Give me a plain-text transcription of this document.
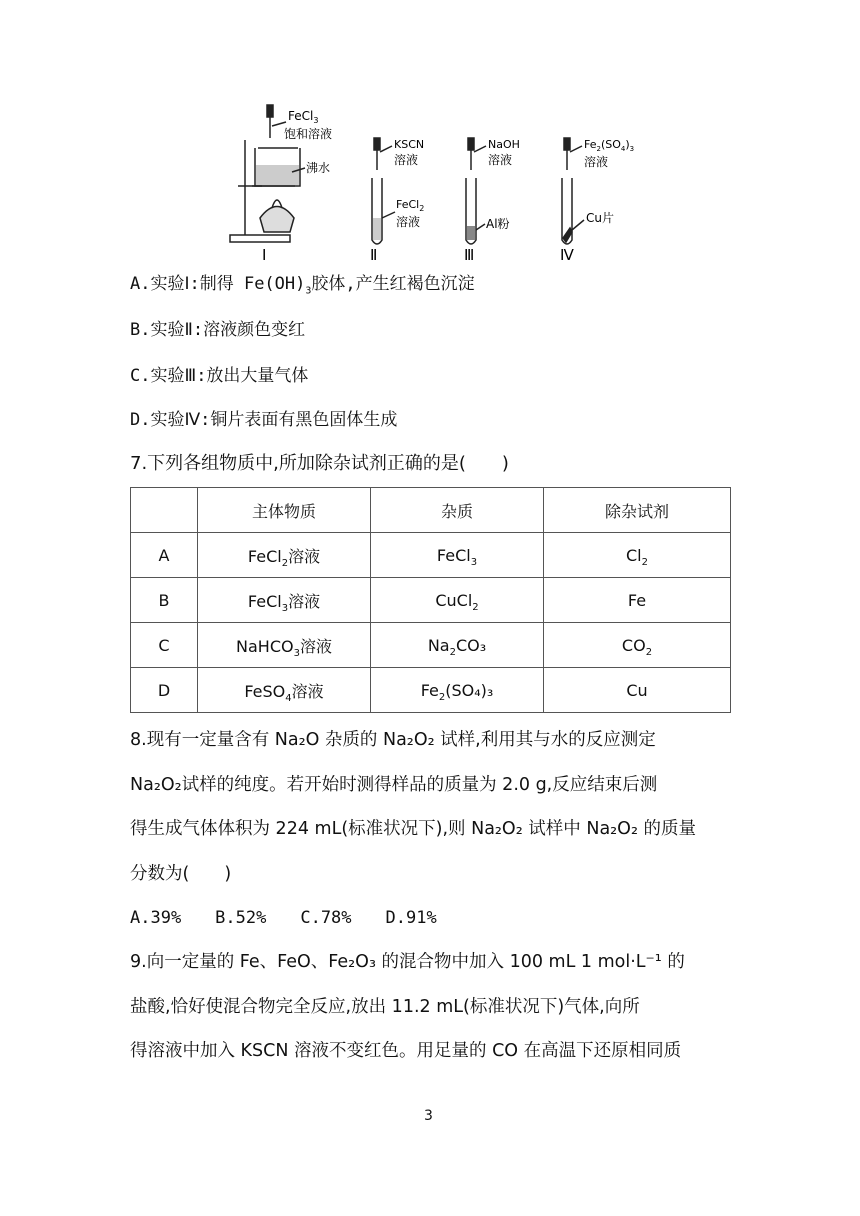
FeCl$_3$
饱和溶液
沸水
Ⅰ
KSCN
溶液
FeCl$_2$
溶液
Ⅱ
NaOH
溶液
Al粉
Ⅲ
$Fe_2(SO_4)_3$
溶液
Cu片
Ⅳ
A.实验Ⅰ:制得 $Fe(OH)_3$胶体,产生红褐色沉淀
B.实验Ⅱ:溶液颜色变红
C.实验Ⅲ:放出大量气体
D.实验Ⅳ:铜片表面有黑色固体生成
7.下列各组物质中,所加除杂试剂正确的是(　　)
	主体物质	杂质	除杂试剂
A	FeCl$_2$溶液	FeCl$_3$	$Cl_2$
B	FeCl$_3$溶液	CuCl$_2$	Fe
C	NaHCO$_3$溶液	$Na_2CO_3$	$CO_2$
D	FeSO$_4$溶液	$Fe_2(SO_4)_3$	Cu
8.现有一定量含有 Na₂O 杂质的 Na₂O₂ 试样,利用其与水的反应测定
Na₂O₂试样的纯度。若开始时测得样品的质量为 2.0 g,反应结束后测
得生成气体体积为 224 mL(标准状况下),则 Na₂O₂ 试样中 Na₂O₂ 的质量
分数为(　　)
A.39%　　B.52%　　C.78%　　D.91%
9.向一定量的 Fe、FeO、Fe₂O₃ 的混合物中加入 100 mL 1 mol·L⁻¹ 的
盐酸,恰好使混合物完全反应,放出 11.2 mL(标准状况下)气体,向所
得溶液中加入 KSCN 溶液不变红色。用足量的 CO 在高温下还原相同质
3
